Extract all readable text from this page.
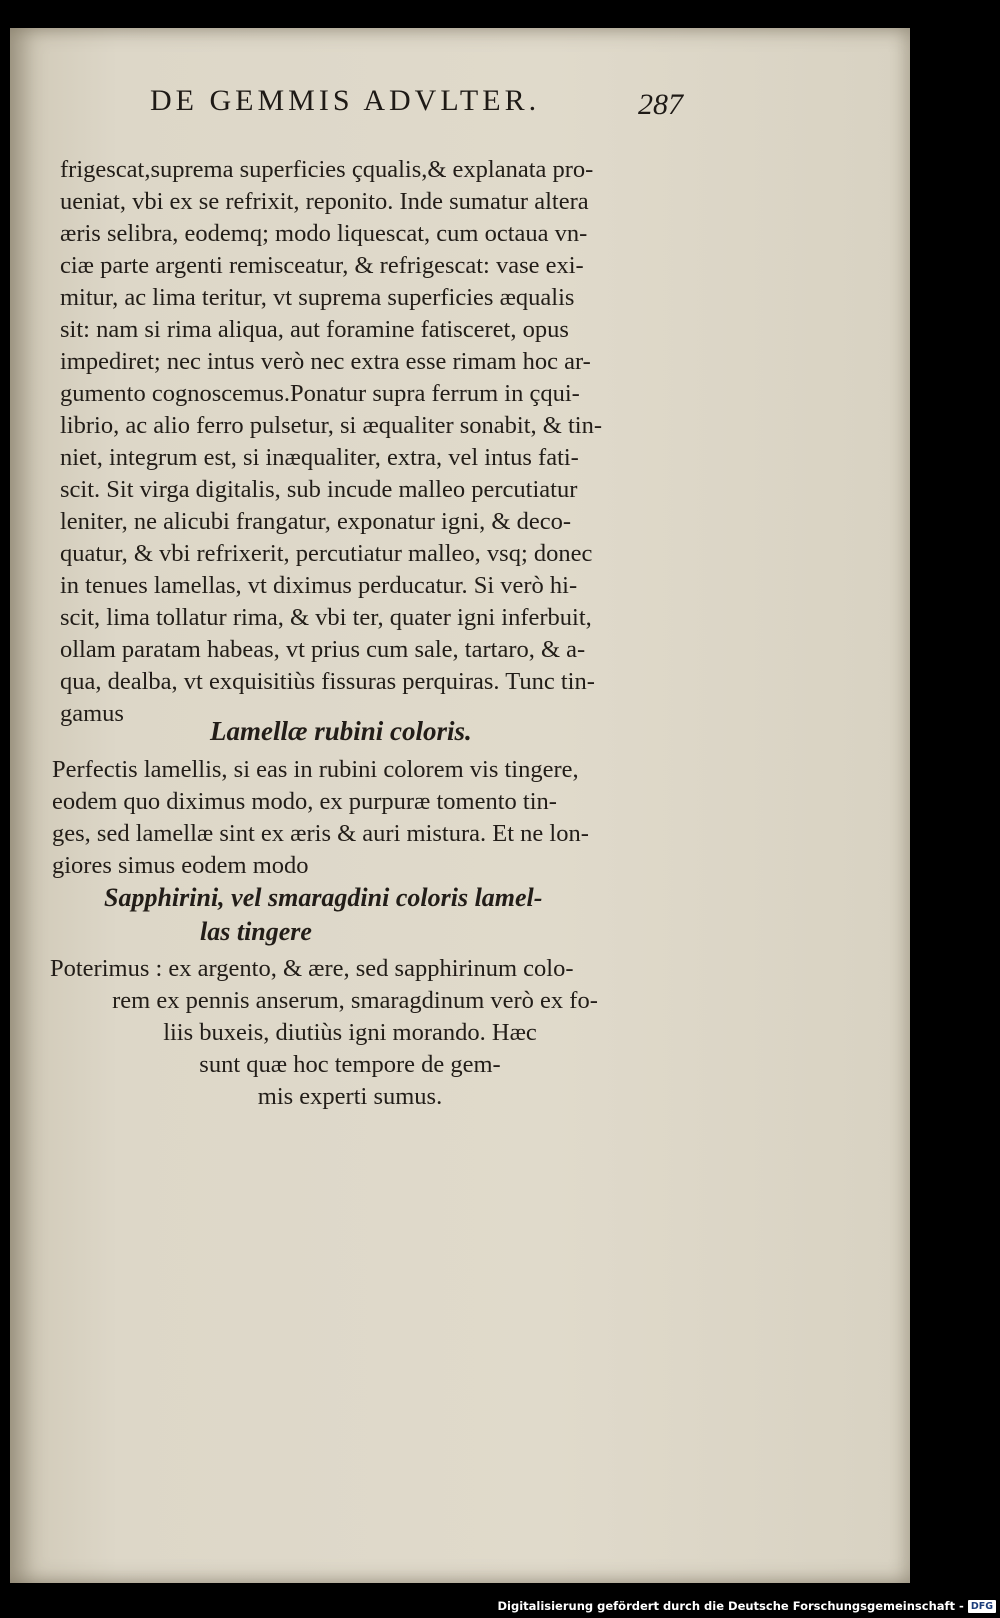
DE GEMMIS ADVLTER.	287
frigescat,suprema superficies çqualis,& explanata pro-
ueniat, vbi ex se refrixit, reponito. Inde sumatur altera
æris selibra, eodemq; modo liquescat, cum octaua vn-
ciæ parte argenti remisceatur, & refrigescat: vase exi-
mitur, ac lima teritur, vt suprema superficies æqualis
sit: nam si rima aliqua, aut foramine fatisceret, opus
impediret; nec intus verò nec extra esse rimam hoc ar-
gumento cognoscemus.Ponatur supra ferrum in çqui-
librio, ac alio ferro pulsetur, si æqualiter sonabit, & tin-
niet, integrum est, si inæqualiter, extra, vel intus fati-
scit. Sit virga digitalis, sub incude malleo percutiatur
leniter, ne alicubi frangatur, exponatur igni, & deco-
quatur, & vbi refrixerit, percutiatur malleo, vsq; donec
in tenues lamellas, vt diximus perducatur. Si verò hi-
scit, lima tollatur rima, & vbi ter, quater igni inferbuit,
ollam paratam habeas, vt prius cum sale, tartaro, & a-
qua, dealba, vt exquisitiùs fissuras perquiras. Tunc tin-
gamus
Lamellæ rubini coloris.
Perfectis lamellis, si eas in rubini colorem vis tingere,
eodem quo diximus modo, ex purpuræ tomento tin-
ges, sed lamellæ sint ex æris & auri mistura. Et ne lon-
giores simus eodem modo
Sapphirini, vel smaragdini coloris lamel-
las tingere
Poterimus : ex argento, & ære, sed sapphirinum colo-
rem ex pennis anserum, smaragdinum verò ex fo-
liis buxeis, diutiùs igni morando. Hæc
sunt quæ hoc tempore de gem-
mis experti sumus.
Digitalisierung gefördert durch die Deutsche Forschungsgemeinschaft - DFG
